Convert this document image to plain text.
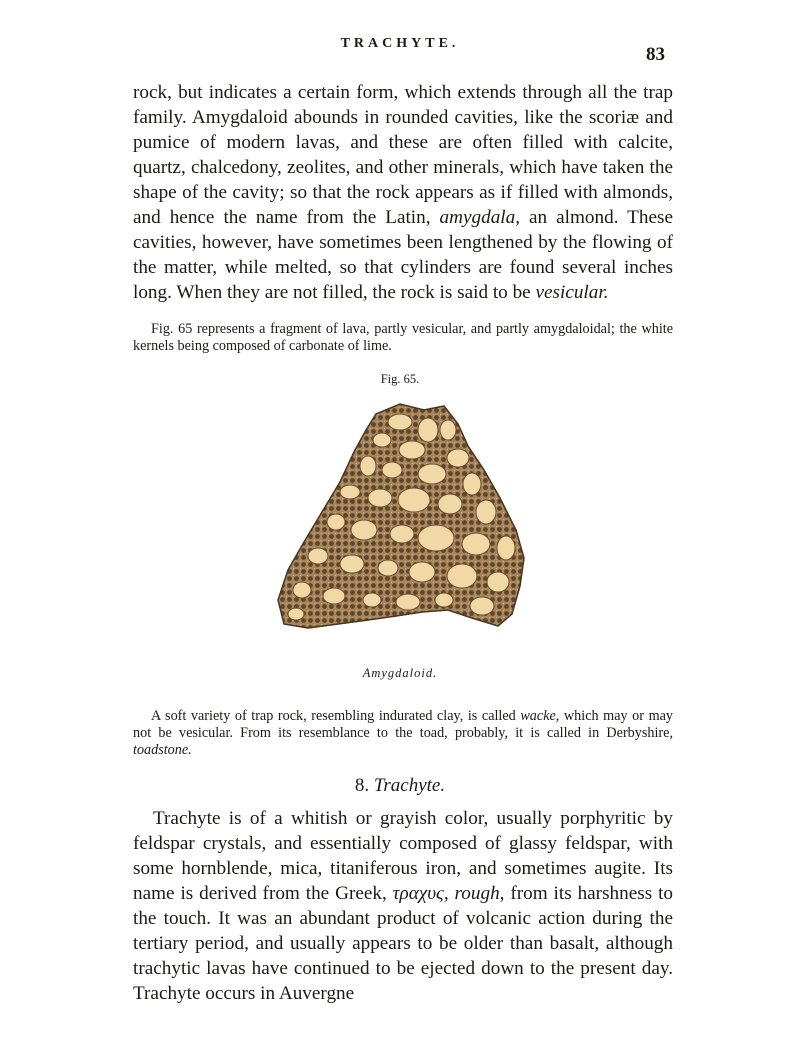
TRACHYTE.
83

rock, but indicates a certain form, which extends through all the trap family. Amygdaloid abounds in rounded cavities, like the scoriæ and pumice of modern lavas, and these are often filled with calcite, quartz, chalcedony, zeolites, and other minerals, which have taken the shape of the cavity; so that the rock appears as if filled with almonds, and hence the name from the Latin, amygdala, an almond. These cavities, however, have sometimes been lengthened by the flowing of the matter, while melted, so that cylinders are found several inches long. When they are not filled, the rock is said to be vesicular.

Fig. 65 represents a fragment of lava, partly vesicular, and partly amygdaloidal; the white kernels being composed of carbonate of lime.

Fig. 65.
Amygdaloid.

A soft variety of trap rock, resembling indurated clay, is called wacke, which may or may not be vesicular. From its resemblance to the toad, probably, it is called in Derbyshire, toadstone.

8. Trachyte.

Trachyte is of a whitish or grayish color, usually porphyritic by feldspar crystals, and essentially composed of glassy feldspar, with some hornblende, mica, titaniferous iron, and sometimes augite. Its name is derived from the Greek, τραχυς, rough, from its harshness to the touch. It was an abundant product of volcanic action during the tertiary period, and usually appears to be older than basalt, although trachytic lavas have continued to be ejected down to the present day. Trachyte occurs in Auvergne
